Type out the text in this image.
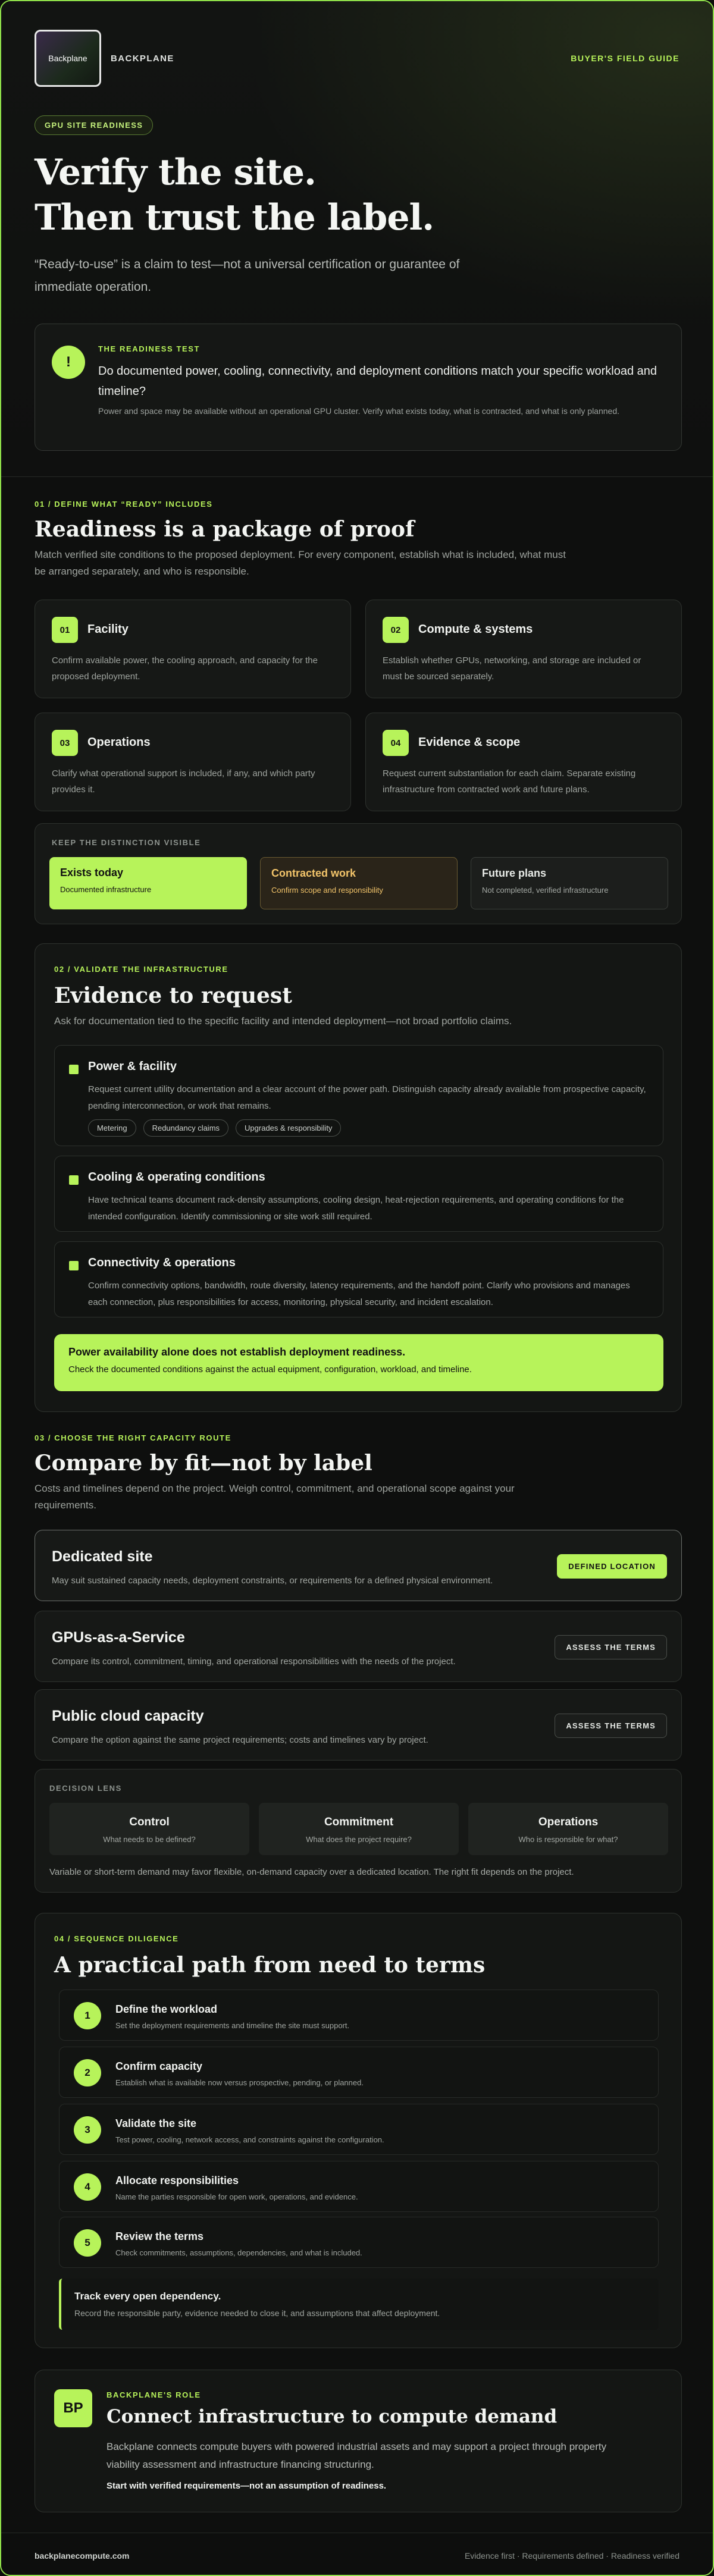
Backplane	BACKPLANE	BUYER'S FIELD GUIDE
GPU SITE READINESS
Verify the site.
Then trust the label.

“Ready-to-use” is a claim to test—not a universal certification or guarantee of immediate operation.

!
THE READINESS TEST

Do documented power, cooling, connectivity, and deployment conditions match your specific workload and timeline?

Power and space may be available without an operational GPU cluster. Verify what exists today, what is contracted, and what is only planned.

01 / DEFINE WHAT “READY” INCLUDES
Readiness is a package of proof

Match verified site conditions to the proposed deployment. For every component, establish what is included, what must be arranged separately, and who is responsible.

01	Facility

Confirm available power, the cooling approach, and capacity for the proposed deployment.

02	Compute & systems

Establish whether GPUs, networking, and storage are included or must be sourced separately.

03	Operations

Clarify what operational support is included, if any, and which party provides it.

04	Evidence & scope

Request current substantiation for each claim. Separate existing infrastructure from contracted work and future plans.

KEEP THE DISTINCTION VISIBLE
Exists today
Documented infrastructure
Contracted work
Confirm scope and responsibility
Future plans
Not completed, verified infrastructure
02 / VALIDATE THE INFRASTRUCTURE
Evidence to request

Ask for documentation tied to the specific facility and intended deployment—not broad portfolio claims.

Power & facility

Request current utility documentation and a clear account of the power path. Distinguish capacity already available from prospective capacity, pending interconnection, or work that remains.

Metering	Redundancy claims	Upgrades & responsibility
Cooling & operating conditions

Have technical teams document rack-density assumptions, cooling design, heat-rejection requirements, and operating conditions for the intended configuration. Identify commissioning or site work still required.

Connectivity & operations

Confirm connectivity options, bandwidth, route diversity, latency requirements, and the handoff point. Clarify who provisions and manages each connection, plus responsibilities for access, monitoring, physical security, and incident escalation.

Power availability alone does not establish deployment readiness.
Check the documented conditions against the actual equipment, configuration, workload, and timeline.
03 / CHOOSE THE RIGHT CAPACITY ROUTE
Compare by fit—not by label

Costs and timelines depend on the project. Weigh control, commitment, and operational scope against your requirements.

Dedicated site
May suit sustained capacity needs, deployment constraints, or requirements for a defined physical environment.
DEFINED LOCATION
GPUs-as-a-Service
Compare its control, commitment, timing, and operational responsibilities with the needs of the project.
ASSESS THE TERMS
Public cloud capacity
Compare the option against the same project requirements; costs and timelines vary by project.
ASSESS THE TERMS
DECISION LENS
Control
What needs to be defined?
Commitment
What does the project require?
Operations
Who is responsible for what?

Variable or short-term demand may favor flexible, on-demand capacity over a dedicated location. The right fit depends on the project.

04 / SEQUENCE DILIGENCE
A practical path from need to terms
1
Define the workload
Set the deployment requirements and timeline the site must support.
2
Confirm capacity
Establish what is available now versus prospective, pending, or planned.
3
Validate the site
Test power, cooling, network access, and constraints against the configuration.
4
Allocate responsibilities
Name the parties responsible for open work, operations, and evidence.
5
Review the terms
Check commitments, assumptions, dependencies, and what is included.
Track every open dependency.
Record the responsible party, evidence needed to close it, and assumptions that affect deployment.
BP
BACKPLANE'S ROLE
Connect infrastructure to compute demand

Backplane connects compute buyers with powered industrial assets and may support a project through property viability assessment and infrastructure financing structuring.

Start with verified requirements—not an assumption of readiness.
backplanecompute.com	Evidence first · Requirements defined · Readiness verified
